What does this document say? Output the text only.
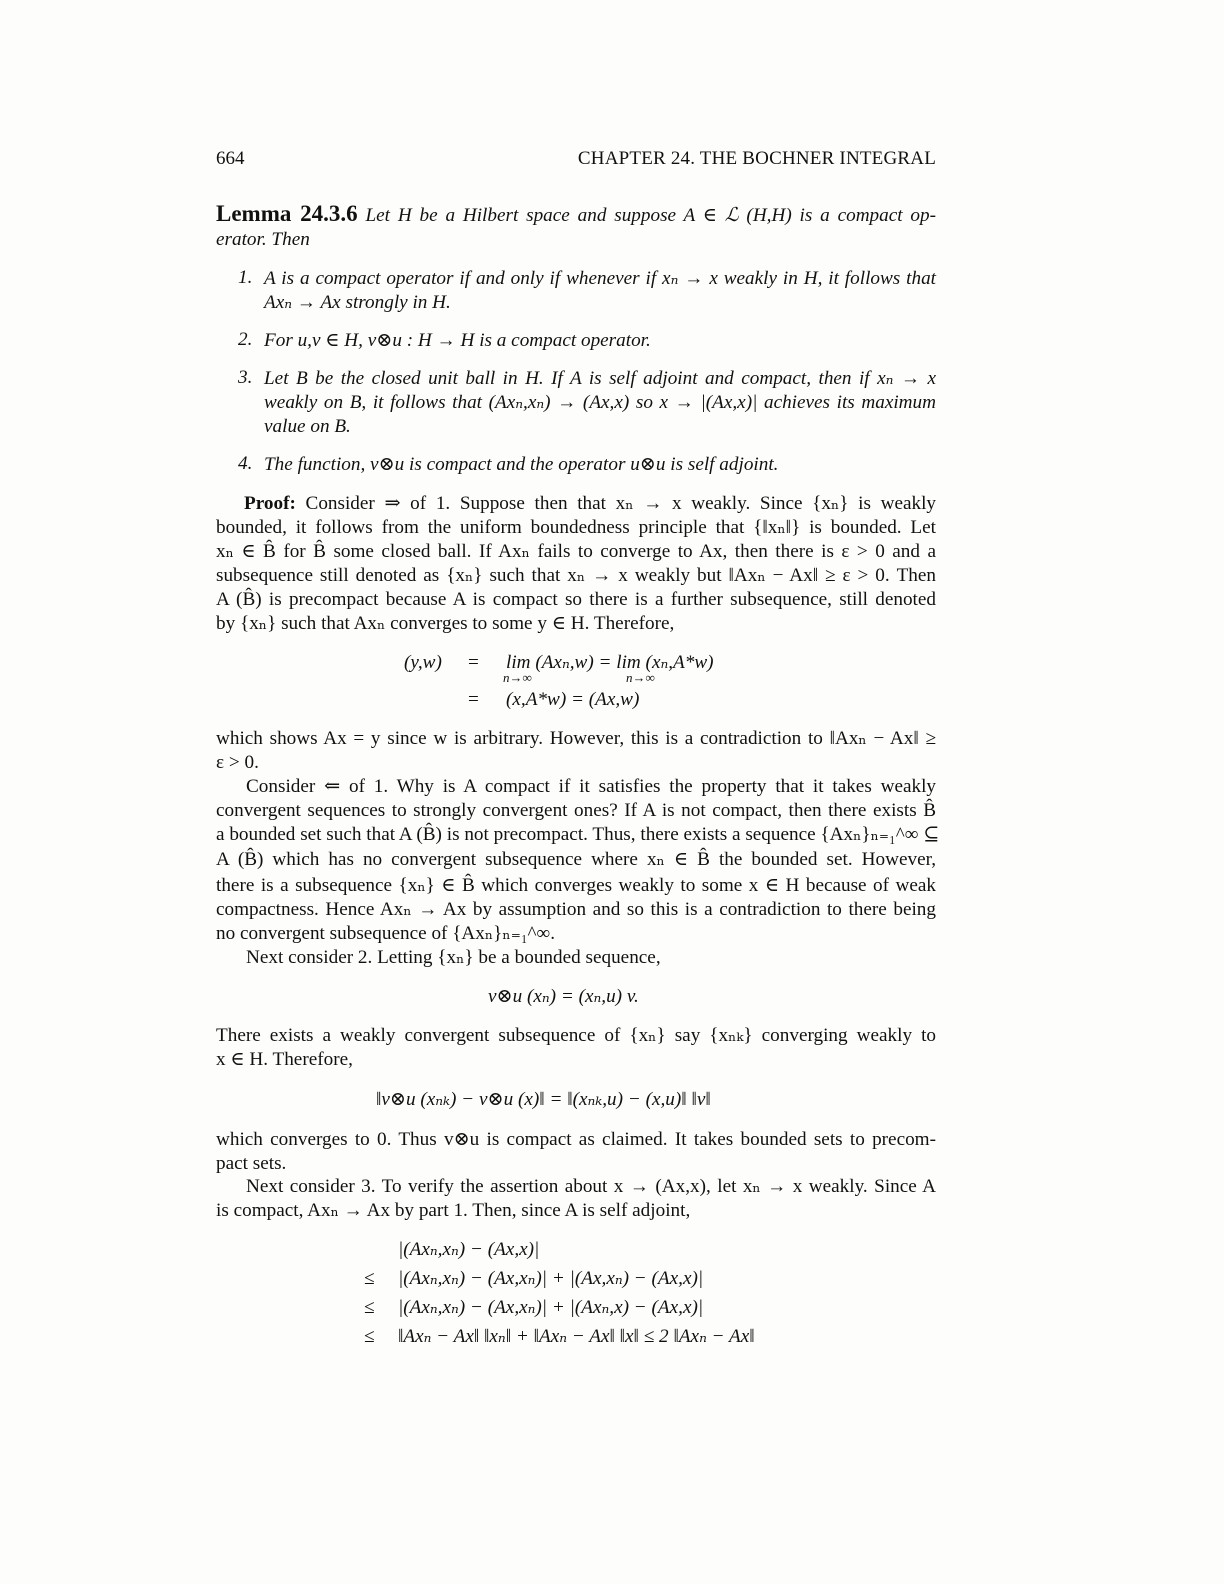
664	CHAPTER 24. THE BOCHNER INTEGRAL
Lemma 24.3.6 Let H be a Hilbert space and suppose A ∈ ℒ (H,H) is a compact op-
erator. Then
1. A is a compact operator if and only if whenever if xₙ → x weakly in H, it follows that
Axₙ → Ax strongly in H.
2. For u,v ∈ H, v⊗u : H → H is a compact operator.
3. Let B be the closed unit ball in H. If A is self adjoint and compact, then if xₙ → x
weakly on B, it follows that (Axₙ,xₙ) → (Ax,x) so x → |(Ax,x)| achieves its maximum
value on B.
4. The function, v⊗u is compact and the operator u⊗u is self adjoint.
Proof: Consider ⇒ of 1. Suppose then that xₙ → x weakly. Since {xₙ} is weakly
bounded, it follows from the uniform boundedness principle that {‖xₙ‖} is bounded. Let
xₙ ∈ B̂ for B̂ some closed ball. If Axₙ fails to converge to Ax, then there is ε > 0 and a
subsequence still denoted as {xₙ} such that xₙ → x weakly but ‖Axₙ − Ax‖ ≥ ε > 0. Then
A (B̂) is precompact because A is compact so there is a further subsequence, still denoted
by {xₙ} such that Axₙ converges to some y ∈ H. Therefore,
(y,w) = lim (Axₙ,w) = lim (xₙ,A*w)
n→∞	n→∞
= (x,A*w) = (Ax,w)
which shows Ax = y since w is arbitrary. However, this is a contradiction to ‖Axₙ − Ax‖ ≥
ε > 0.
Consider ⇐ of 1. Why is A compact if it satisfies the property that it takes weakly
convergent sequences to strongly convergent ones? If A is not compact, then there exists B̂
a bounded set such that A (B̂) is not precompact. Thus, there exists a sequence {Axₙ}ₙ₌₁^∞ ⊆
A (B̂) which has no convergent subsequence where xₙ ∈ B̂ the bounded set. However,
there is a subsequence {xₙ} ∈ B̂ which converges weakly to some x ∈ H because of weak
compactness. Hence Axₙ → Ax by assumption and so this is a contradiction to there being
no convergent subsequence of {Axₙ}ₙ₌₁^∞.
Next consider 2. Letting {xₙ} be a bounded sequence,
v⊗u (xₙ) = (xₙ,u) v.
There exists a weakly convergent subsequence of {xₙ} say {xₙₖ} converging weakly to
x ∈ H. Therefore,
‖v⊗u (xₙₖ) − v⊗u (x)‖ = ‖(xₙₖ,u) − (x,u)‖ ‖v‖
which converges to 0. Thus v⊗u is compact as claimed. It takes bounded sets to precom-
pact sets.
Next consider 3. To verify the assertion about x → (Ax,x), let xₙ → x weakly. Since A
is compact, Axₙ → Ax by part 1. Then, since A is self adjoint,
|(Axₙ,xₙ) − (Ax,x)|
≤ |(Axₙ,xₙ) − (Ax,xₙ)| + |(Ax,xₙ) − (Ax,x)|
≤ |(Axₙ,xₙ) − (Ax,xₙ)| + |(Axₙ,x) − (Ax,x)|
≤ ‖Axₙ − Ax‖ ‖xₙ‖ + ‖Axₙ − Ax‖ ‖x‖ ≤ 2 ‖Axₙ − Ax‖
